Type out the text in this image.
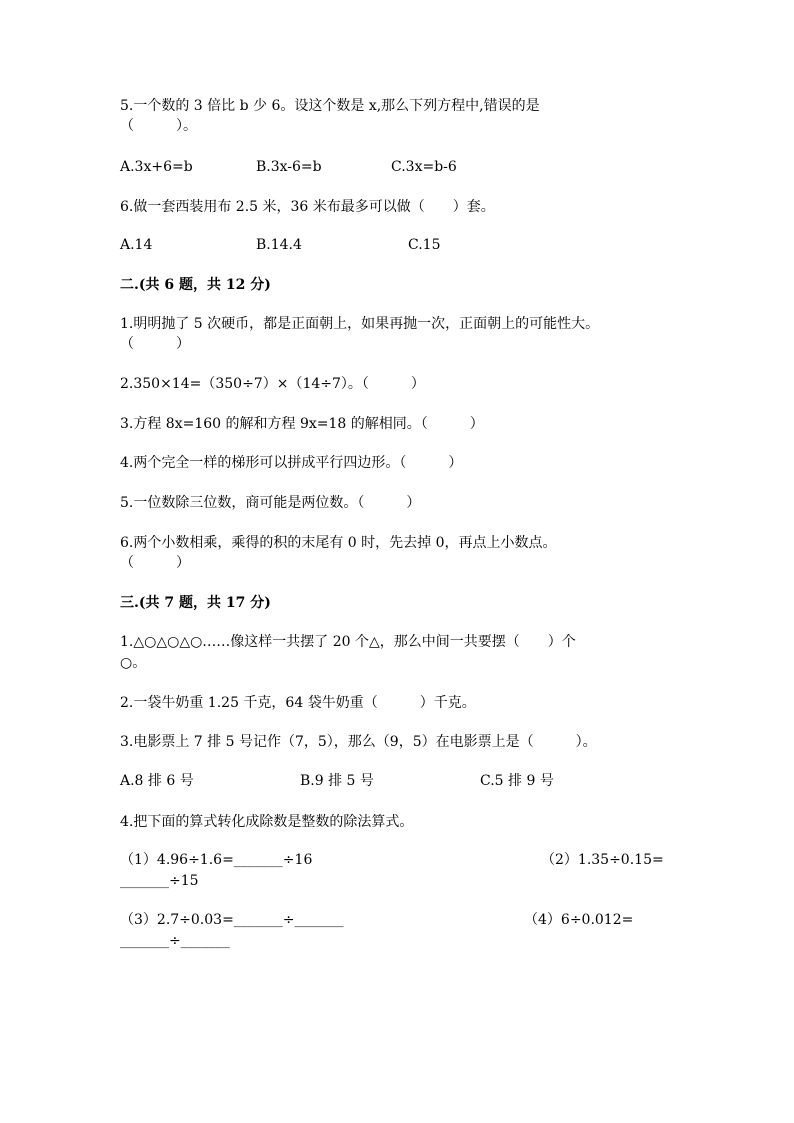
5.一个数的 3 倍比 b 少 6。设这个数是 x,那么下列方程中,错误的是
（　　　）。
A.3x+6=b	B.3x-6=b	C.3x=b-6
6.做一套西装用布 2.5 米，36 米布最多可以做（　　）套。
A.14	B.14.4	C.15
二.(共 6 题，共 12 分)
1.明明抛了 5 次硬币，都是正面朝上，如果再抛一次，正面朝上的可能性大。
（　　　）
2.350×14=（350÷7）×（14÷7）。（　　　）
3.方程 8x=160 的解和方程 9x=18 的解相同。（　　　）
4.两个完全一样的梯形可以拼成平行四边形。（　　　）
5.一位数除三位数，商可能是两位数。（　　　）
6.两个小数相乘，乘得的积的末尾有 0 时，先去掉 0，再点上小数点。
（　　　）
三.(共 7 题，共 17 分)
1.△○△○△○……像这样一共摆了 20 个△，那么中间一共要摆（　　）个
○。
2.一袋牛奶重 1.25 千克，64 袋牛奶重（　　　）千克。
3.电影票上 7 排 5 号记作（7，5），那么（9，5）在电影票上是（　　　）。
A.8 排 6 号	B.9 排 5 号	C.5 排 9 号
4.把下面的算式转化成除数是整数的除法算式。
（1）4.96÷1.6=_______÷16	（2）1.35÷0.15=
_______÷15
（3）2.7÷0.03=_______÷_______	（4）6÷0.012=
_______÷_______
